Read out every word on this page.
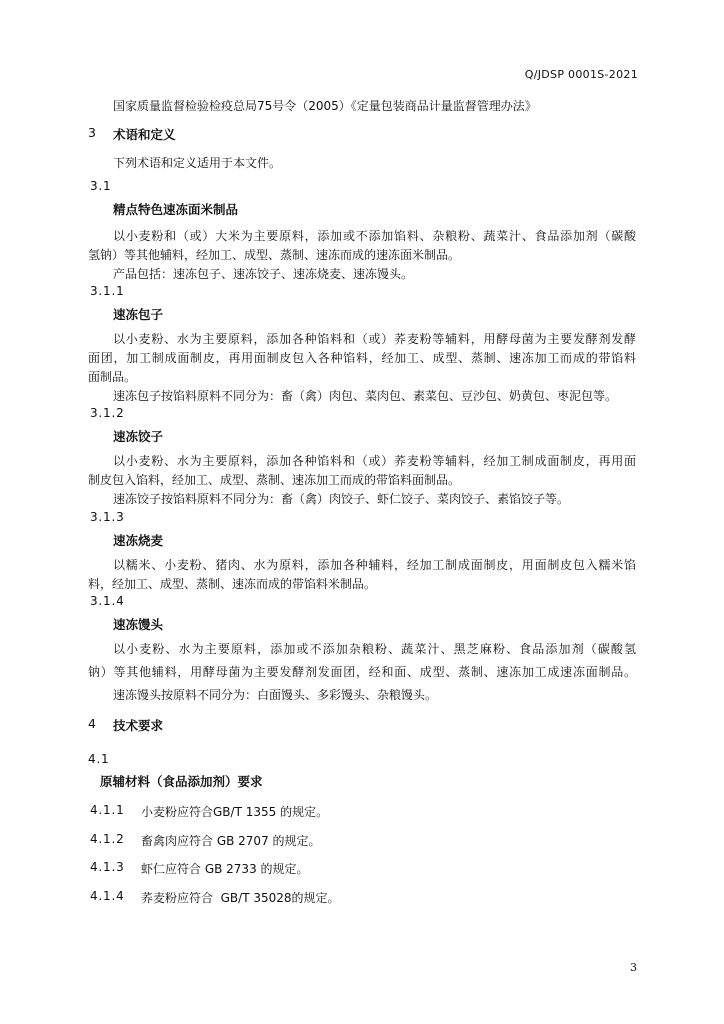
Q/JDSP 0001S-2021
国家质量监督检验检疫总局75号令（2005）《定量包装商品计量监督管理办法》
3 术语和定义
下列术语和定义适用于本文件。
3.1
精点特色速冻面米制品
以小麦粉和（或）大米为主要原料，添加或不添加馅料、杂粮粉、蔬菜汁、食品添加剂（碳酸
氢钠）等其他辅料，经加工、成型、蒸制、速冻而成的速冻面米制品。
产品包括：速冻包子、速冻饺子、速冻烧麦、速冻馒头。
3.1.1
速冻包子
以小麦粉、水为主要原料，添加各种馅料和（或）荞麦粉等辅料，用酵母菌为主要发酵剂发酵
面团，加工制成面制皮，再用面制皮包入各种馅料，经加工、成型、蒸制、速冻加工而成的带馅料
面制品。
速冻包子按馅料原料不同分为：畜（禽）肉包、菜肉包、素菜包、豆沙包、奶黄包、枣泥包等。
3.1.2
速冻饺子
以小麦粉、水为主要原料，添加各种馅料和（或）荞麦粉等辅料，经加工制成面制皮，再用面
制皮包入馅料，经加工、成型、蒸制、速冻加工而成的带馅料面制品。
速冻饺子按馅料原料不同分为：畜（禽）肉饺子、虾仁饺子、菜肉饺子、素馅饺子等。
3.1.3
速冻烧麦
以糯米、小麦粉、猪肉、水为原料，添加各种辅料，经加工制成面制皮，用面制皮包入糯米馅
料，经加工、成型、蒸制、速冻而成的带馅料米制品。
3.1.4
速冻馒头
以小麦粉、水为主要原料，添加或不添加杂粮粉、蔬菜汁、黑芝麻粉、食品添加剂（碳酸氢
钠）等其他辅料，用酵母菌为主要发酵剂发面团，经和面、成型、蒸制、速冻加工成速冻面制品。
速冻馒头按原料不同分为：白面馒头、多彩馒头、杂粮馒头。
4 技术要求
4.1
原辅材料（食品添加剂）要求
4.1.1 小麦粉应符合GB/T 1355 的规定。
4.1.2 畜禽肉应符合 GB 2707 的规定。
4.1.3 虾仁应符合 GB 2733 的规定。
4.1.4 荞麦粉应符合  GB/T 35028的规定。
3
